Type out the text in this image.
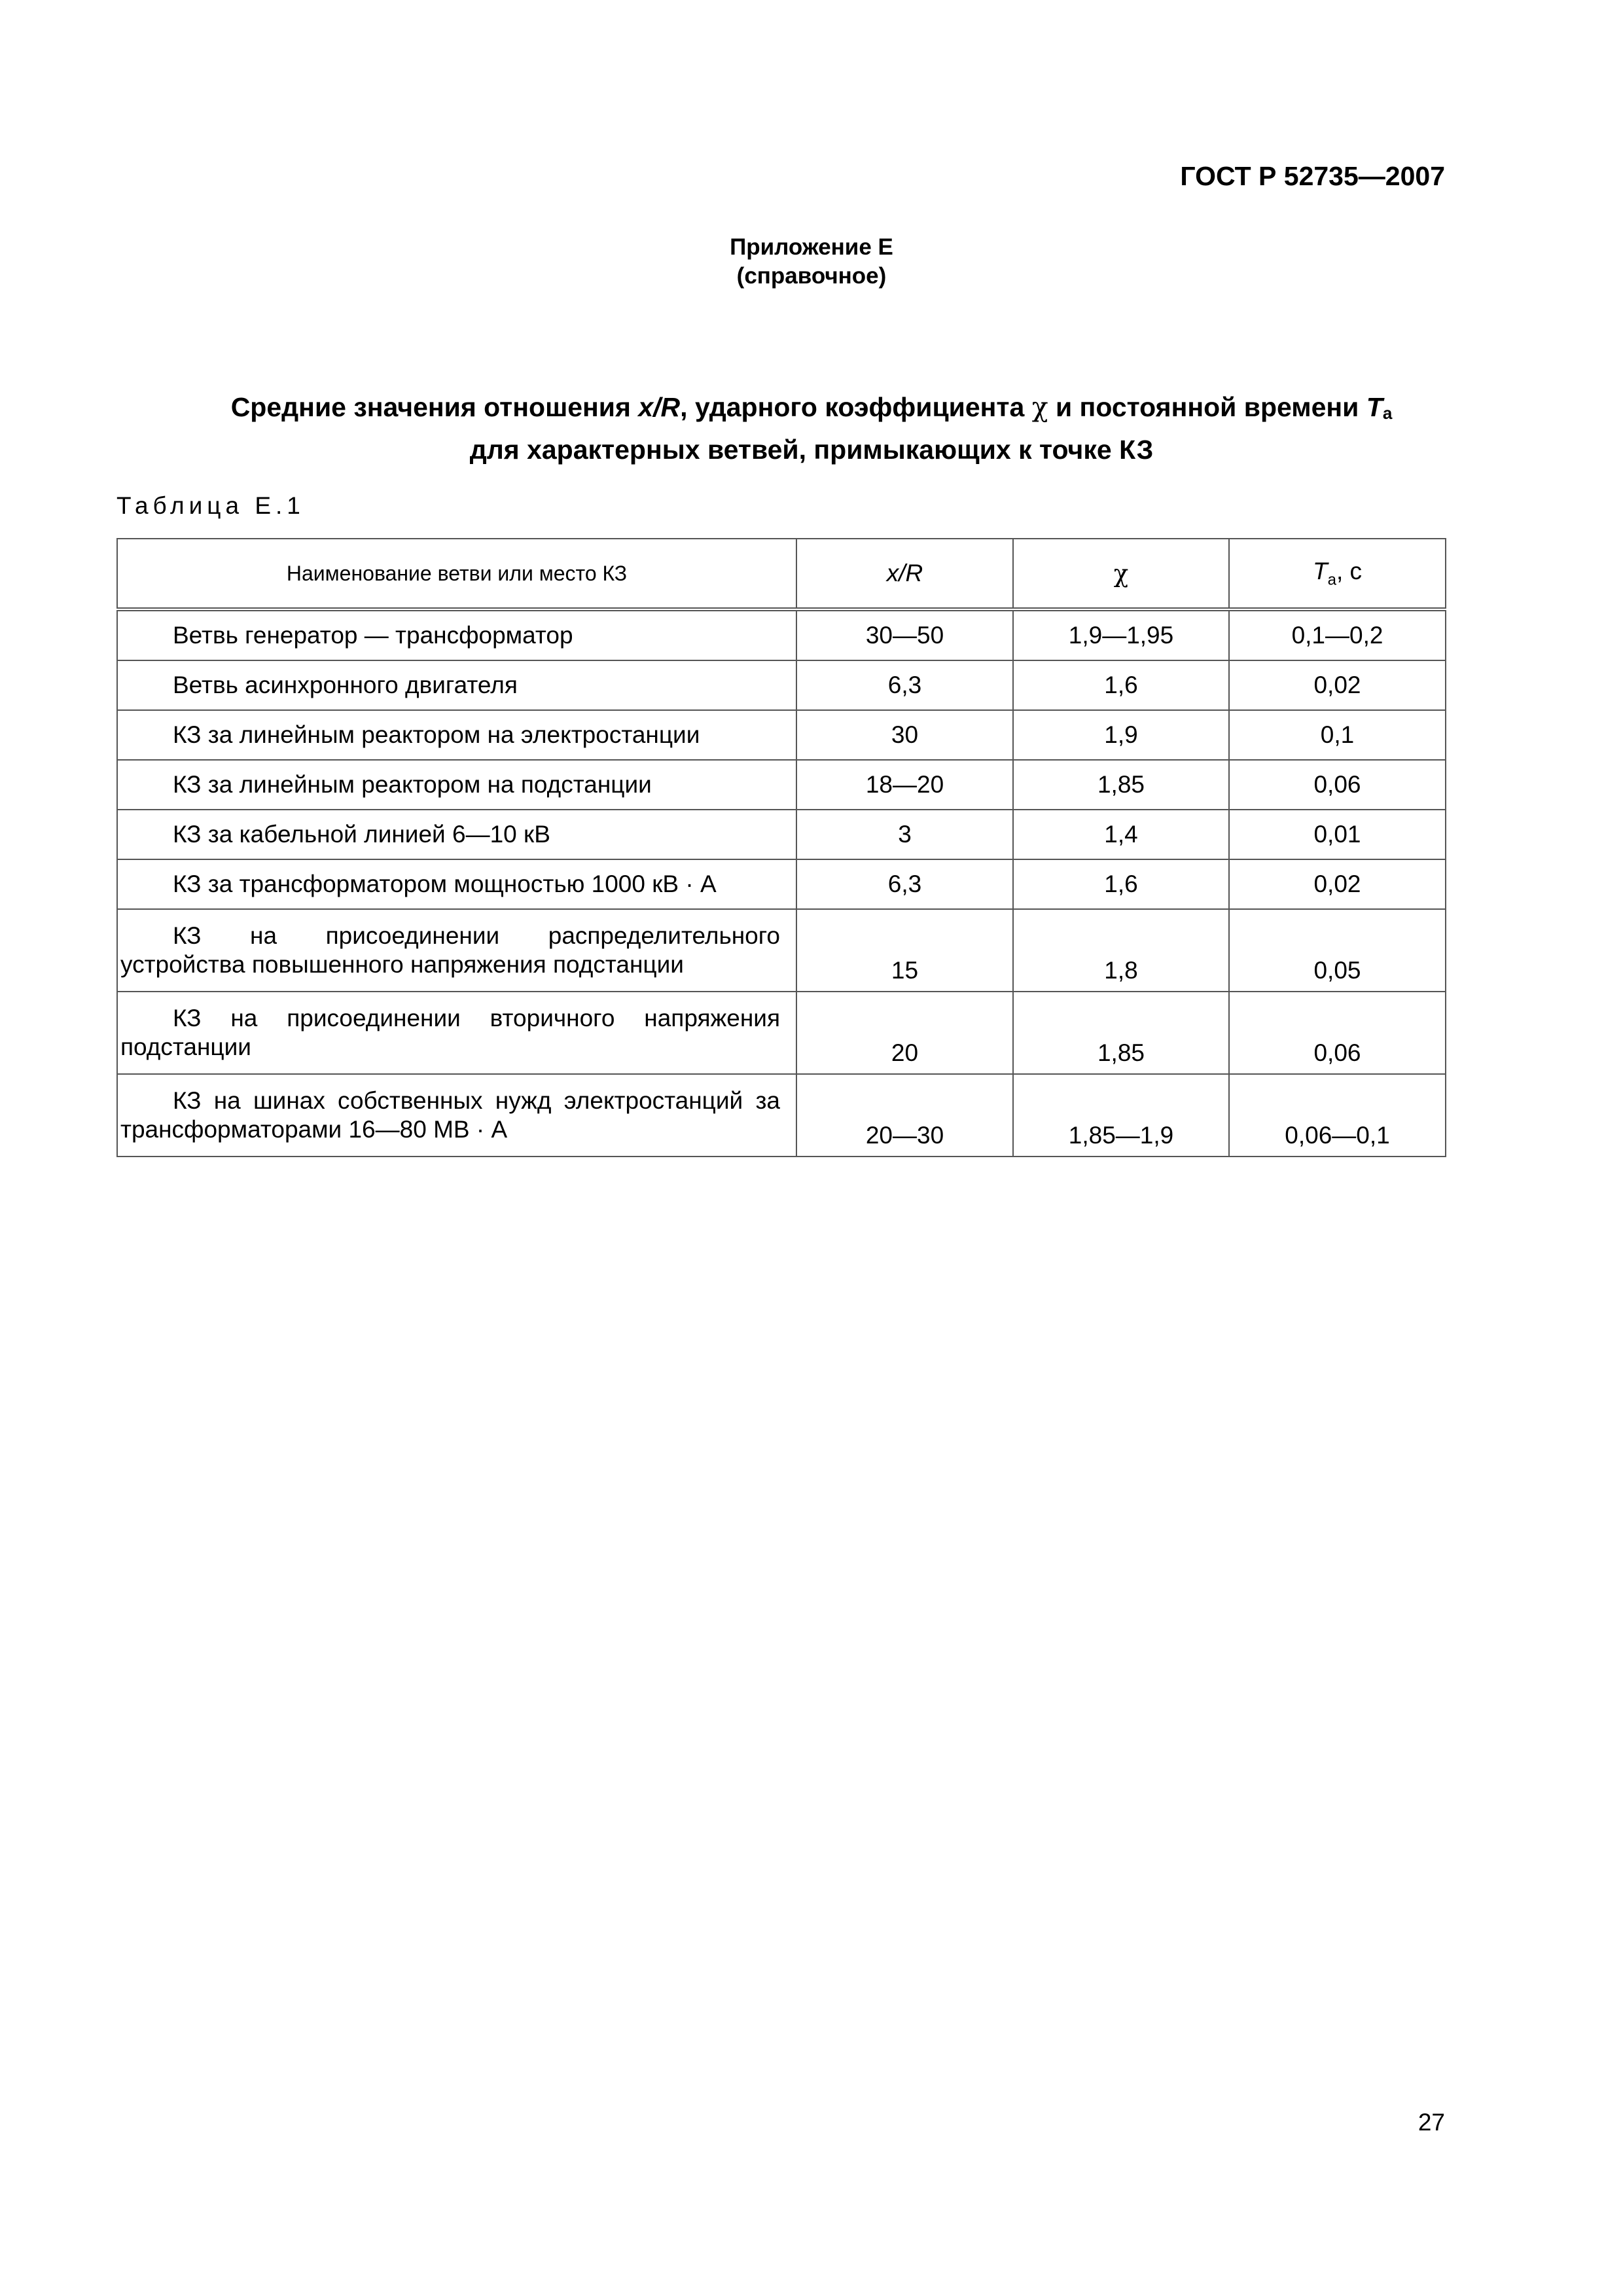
ГОСТ Р 52735—2007
Приложение Е
(справочное)
Средние значения отношения x/R, ударного коэффициента χ и постоянной времени $T_a$
для характерных ветвей, примыкающих к точке КЗ
Таблица Е.1
Наименование ветви или место КЗ	x/R	χ	$T_а$, с
Ветвь генератор — трансформатор	30—50	1,9—1,95	0,1—0,2
Ветвь асинхронного двигателя	6,3	1,6	0,02
КЗ за линейным реактором на электростанции	30	1,9	0,1
КЗ за линейным реактором на подстанции	18—20	1,85	0,06
КЗ за кабельной линией 6—10 кВ	3	1,4	0,01
КЗ за трансформатором мощностью 1000 кВ · А	6,3	1,6	0,02
КЗ на присоединении распределительного устройства повышенного напряжения подстанции	15	1,8	0,05
КЗ на присоединении вторичного напряжения подстанции	20	1,85	0,06
КЗ на шинах собственных нужд электростанций за трансформаторами 16—80 МВ · А	20—30	1,85—1,9	0,06—0,1
27
